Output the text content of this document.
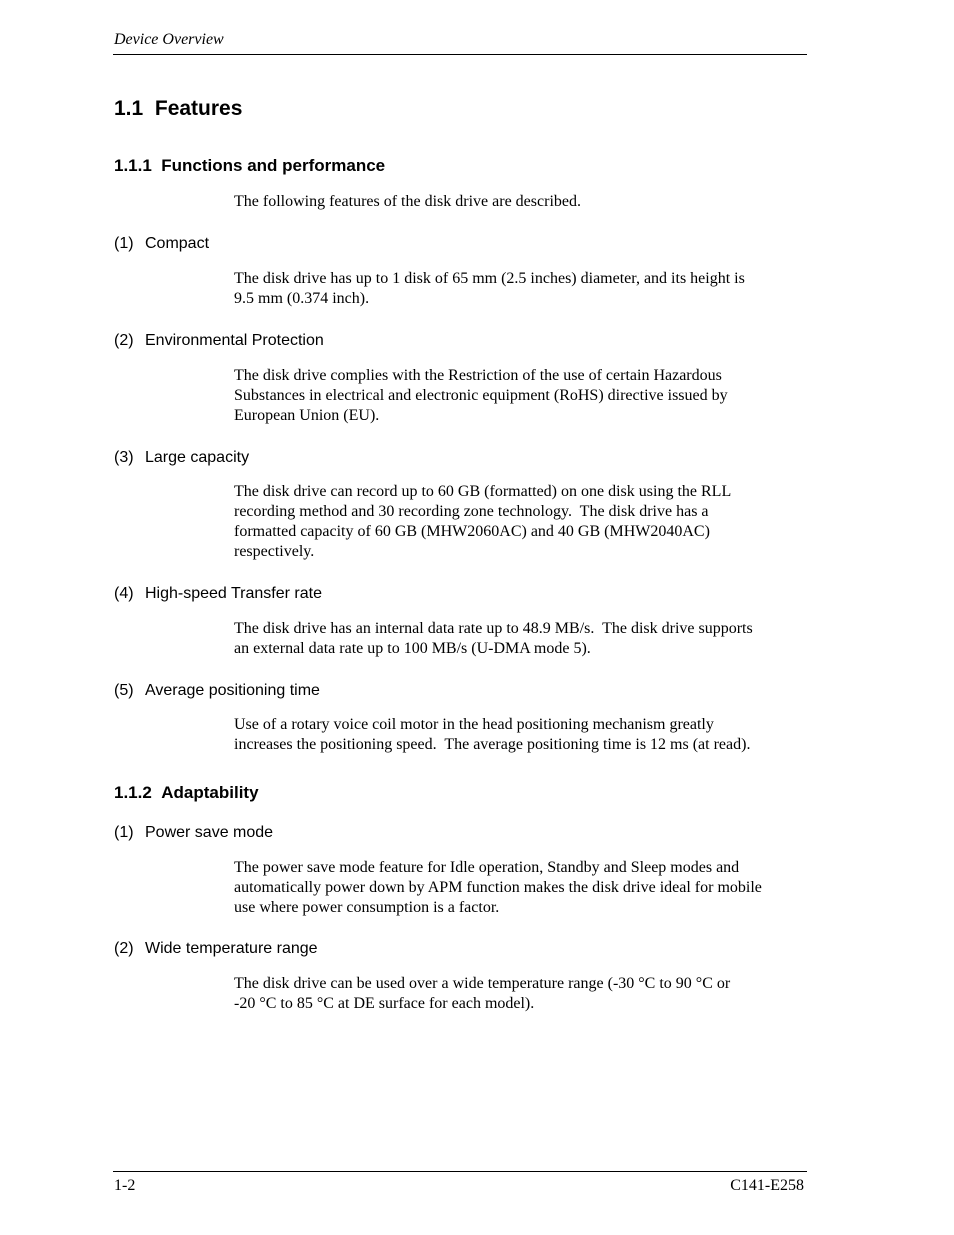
Device Overview
1.1 Features
1.1.1 Functions and performance
The following features of the disk drive are described.
(1) Compact
The disk drive has up to 1 disk of 65 mm (2.5 inches) diameter, and its height is
9.5 mm (0.374 inch).
(2) Environmental Protection
The disk drive complies with the Restriction of the use of certain Hazardous
Substances in electrical and electronic equipment (RoHS) directive issued by
European Union (EU).
(3) Large capacity
The disk drive can record up to 60 GB (formatted) on one disk using the RLL
recording method and 30 recording zone technology.  The disk drive has a
formatted capacity of 60 GB (MHW2060AC) and 40 GB (MHW2040AC)
respectively.
(4) High-speed Transfer rate
The disk drive has an internal data rate up to 48.9 MB/s.  The disk drive supports
an external data rate up to 100 MB/s (U-DMA mode 5).
(5) Average positioning time
Use of a rotary voice coil motor in the head positioning mechanism greatly
increases the positioning speed.  The average positioning time is 12 ms (at read).
1.1.2 Adaptability
(1) Power save mode
The power save mode feature for Idle operation, Standby and Sleep modes and
automatically power down by APM function makes the disk drive ideal for mobile
use where power consumption is a factor.
(2) Wide temperature range
The disk drive can be used over a wide temperature range (-30 °C to 90 °C or
-20 °C to 85 °C at DE surface for each model).
1-2	C141-E258
